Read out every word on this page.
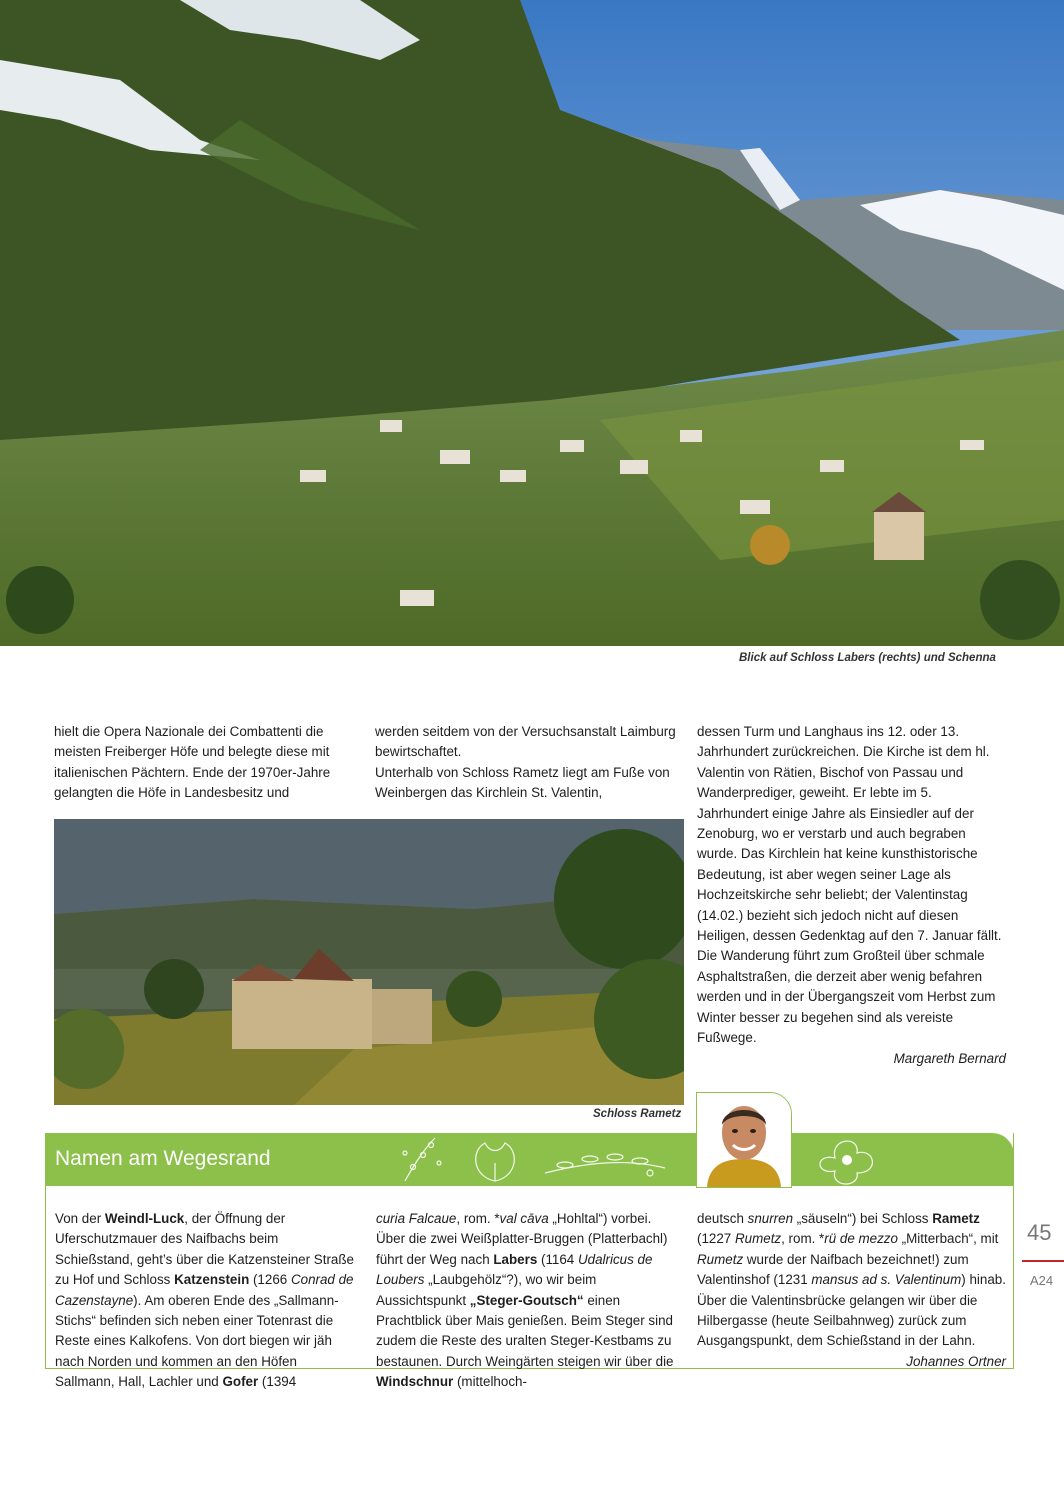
Blick auf Schloss Labers (rechts) und Schenna

hielt die Opera Nazionale dei Combattenti die meisten Freiberger Höfe und belegte diese mit italienischen Pächtern. Ende der 1970er-Jahre gelangten die Höfe in Landesbesitz und

werden seitdem von der Versuchsanstalt Laimburg bewirtschaftet.

Unterhalb von Schloss Rametz liegt am Fuße von Weinbergen das Kirchlein St. Valentin,

dessen Turm und Langhaus ins 12. oder 13. Jahrhundert zurückreichen. Die Kirche ist dem hl. Valentin von Rätien, Bischof von Passau und Wanderprediger, geweiht. Er lebte im 5. Jahrhundert einige Jahre als Einsiedler auf der Zenoburg, wo er verstarb und auch begraben wurde. Das Kirchlein hat keine kunsthistorische Bedeutung, ist aber wegen seiner Lage als Hochzeitskirche sehr beliebt; der Valentinstag (14.02.) bezieht sich jedoch nicht auf diesen Heiligen, dessen Gedenktag auf den 7. Januar fällt.

Die Wanderung führt zum Großteil über schmale Asphaltstraßen, die derzeit aber wenig befahren werden und in der Übergangszeit vom Herbst zum Winter besser zu begehen sind als vereiste Fußwege.

Margareth Bernard

Schloss Rametz
Namen am Wegesrand

Von der Weindl-Luck, der Öffnung der Uferschutzmauer des Naifbachs beim Schießstand, geht’s über die Katzensteiner Straße zu Hof und Schloss Katzenstein (1266 Conrad de Cazenstayne). Am oberen Ende des „Sallmann-Stichs“ befinden sich neben einer Totenrast die Reste eines Kalkofens. Von dort biegen wir jäh nach Norden und kommen an den Höfen Sallmann, Hall, Lachler und Gofer (1394

curia Falcaue, rom. *val cāva „Hohltal“) vorbei. Über die zwei Weißplatter-Bruggen (Platterbachl) führt der Weg nach Labers (1164 Udalricus de Loubers „Laubgehölz“?), wo wir beim Aussichtspunkt „Steger-Goutsch“ einen Prachtblick über Mais genießen. Beim Steger sind zudem die Reste des uralten Steger-Kestbams zu bestaunen. Durch Weingärten steigen wir über die Windschnur (mittelhoch-

deutsch snurren „säuseln“) bei Schloss Rametz (1227 Rumetz, rom. *rü de mezzo „Mitterbach“, mit Rumetz wurde der Naifbach bezeichnet!) zum Valentinshof (1231 mansus ad s. Valentinum) hinab. Über die Valentinsbrücke gelangen wir über die Hilbergasse (heute Seilbahnweg) zurück zum Ausgangspunkt, dem Schießstand in der Lahn.

Johannes Ortner

45
A24
